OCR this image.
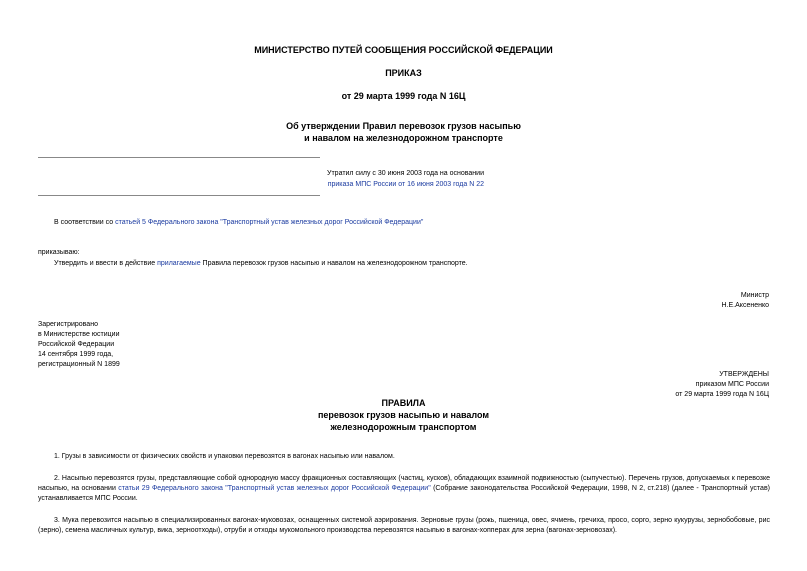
МИНИСТЕРСТВО ПУТЕЙ СООБЩЕНИЯ РОССИЙСКОЙ ФЕДЕРАЦИИ
ПРИКАЗ
от 29 марта 1999 года N 16Ц
Об утверждении Правил перевозок грузов насыпью
и навалом на железнодорожном транспорте
Утратил силу с 30 июня 2003 года на основании
приказа МПС России от 16 июня 2003 года N 22
В соответствии со статьей 5 Федерального закона "Транспортный устав железных дорог Российской Федерации"
приказываю:
Утвердить и ввести в действие прилагаемые Правила перевозок грузов насыпью и навалом на железнодорожном транспорте.
Министр
Н.Е.Аксененко
Зарегистрировано
в Министерстве юстиции
Российской Федерации
14 сентября 1999 года,
регистрационный N 1899
УТВЕРЖДЕНЫ
приказом МПС России
от 29 марта 1999 года N 16Ц
ПРАВИЛА
перевозок грузов насыпью и навалом
железнодорожным транспортом
1. Грузы в зависимости от физических свойств и упаковки перевозятся в вагонах насыпью или навалом.
2. Насыпью перевозятся грузы, представляющие собой однородную массу фракционных составляющих (частиц, кусков), обладающих взаимной подвижностью (сыпучестью). Перечень грузов, допускаемых к перевозке насыпью, на основании статьи 29 Федерального закона "Транспортный устав железных дорог Российской Федерации" (Собрание законодательства Российской Федерации, 1998, N 2, ст.218) (далее - Транспортный устав) устанавливается МПС России.
3. Мука перевозится насыпью в специализированных вагонах-муковозах, оснащенных системой аэрирования. Зерновые грузы (рожь, пшеница, овес, ячмень, гречиха, просо, сорго, зерно кукурузы, зернобобовые, рис (зерно), семена масличных культур, вика, зерноотходы), отруби и отходы мукомольного производства перевозятся насыпью в вагонах-хопперах для зерна (вагонах-зерновозах).
